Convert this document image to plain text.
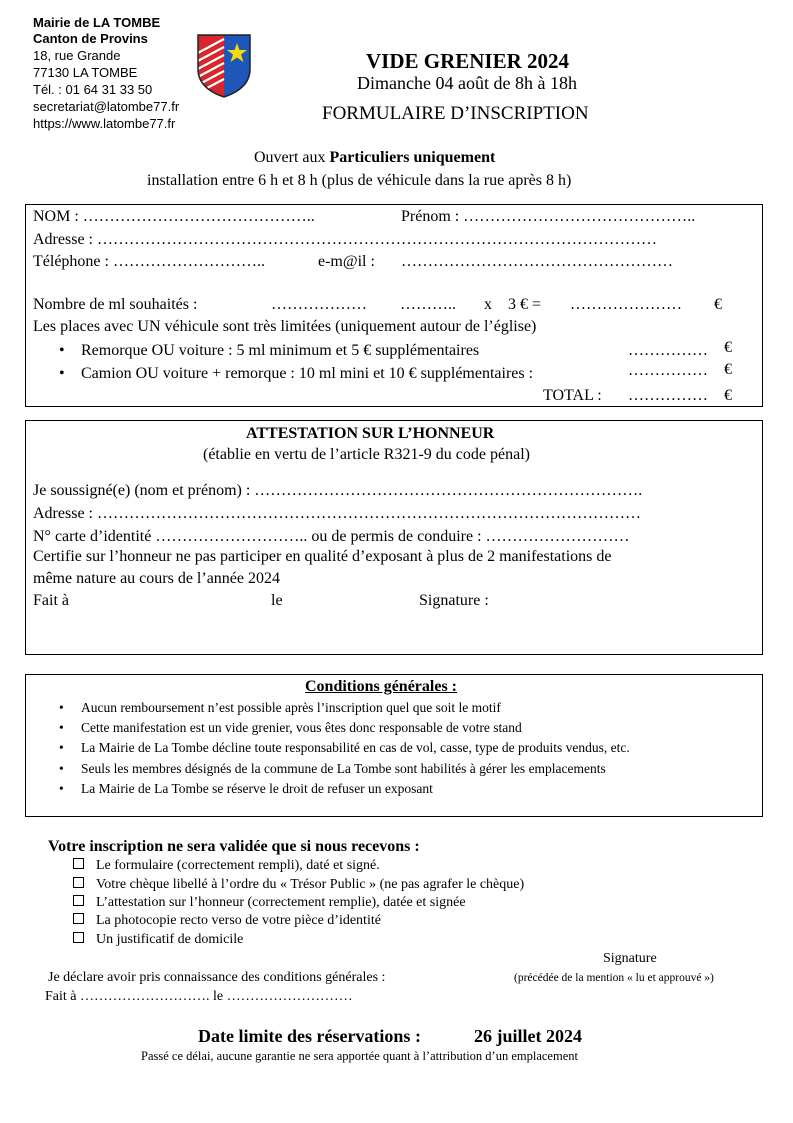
Mairie de LA TOMBE
Canton de Provins
18, rue Grande
77130 LA TOMBE
Tél. : 01 64 31 33 50
secretariat@latombe77.fr
https://www.latombe77.fr
VIDE GRENIER 2024
Dimanche 04 août de 8h à 18h
FORMULAIRE D’INSCRIPTION
Ouvert aux Particuliers uniquement
installation entre 6 h et 8 h (plus de véhicule dans la rue après 8 h)
NOM : ……………………………………..	Prénom : ……………………………………..
Adresse : ……………………………………………………………………………………………
Téléphone : ………………………..	e-m@il : ……………………………………………
Nombre de ml souhaités :	……………… ……….. x 3 € = ………………… €
Les places avec UN véhicule sont très limitées (uniquement autour de l’église)
• Remorque OU voiture : 5 ml minimum et 5 € supplémentaires	…………… €
• Camion OU voiture + remorque : 10 ml mini et 10 € supplémentaires :	…………… €
TOTAL : …………… €
ATTESTATION SUR L’HONNEUR
(établie en vertu de l’article R321-9 du code pénal)
Je soussigné(e) (nom et prénom) : ……………………………………………………………….
Adresse : …………………………………………………………………………………………
N° carte d’identité ……………………….. ou de permis de conduire : ………………………
Certifie sur l’honneur ne pas participer en qualité d’exposant à plus de 2 manifestations de
même nature au cours de l’année 2024
Fait à	le	Signature :
Conditions générales :
• Aucun remboursement n’est possible après l’inscription quel que soit le motif
• Cette manifestation est un vide grenier, vous êtes donc responsable de votre stand
• La Mairie de La Tombe décline toute responsabilité en cas de vol, casse, type de produits vendus, etc.
• Seuls les membres désignés de la commune de La Tombe sont habilités à gérer les emplacements
• La Mairie de La Tombe se réserve le droit de refuser un exposant
Votre inscription ne sera validée que si nous recevons :
Le formulaire (correctement rempli), daté et signé.
Votre chèque libellé à l’ordre du « Trésor Public » (ne pas agrafer le chèque)
L’attestation sur l’honneur (correctement remplie), datée et signée
La photocopie recto verso de votre pièce d’identité
Un justificatif de domicile
Signature
Je déclare avoir pris connaissance des conditions générales :	(précédée de la mention « lu et approuvé »)
Fait à ………………………. le ………………………
Date limite des réservations :	26 juillet 2024
Passé ce délai, aucune garantie ne sera apportée quant à l’attribution d’un emplacement
